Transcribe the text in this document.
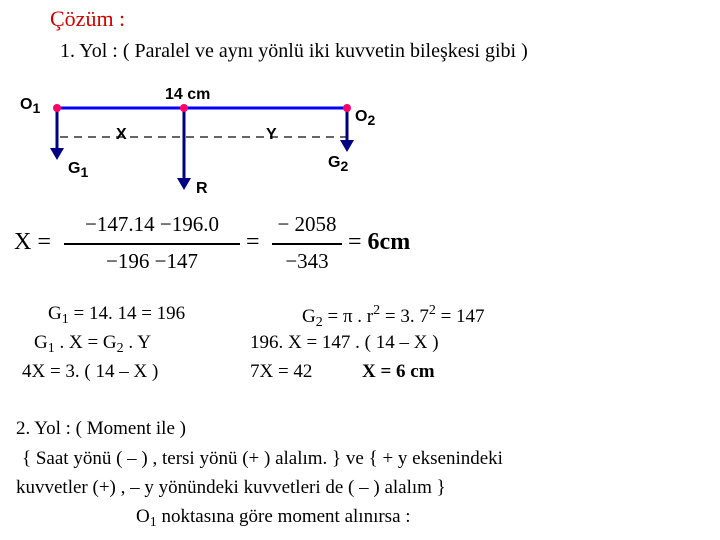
Çözüm :
1. Yol : ( Paralel ve aynı yönlü iki kuvvetin bileşkesi gibi )
14 cm
$O_1$	$O_2$
X	Y
$G_1$
$G_2$
R
X =
−147.14 −196.0
−196 −147
=
− 2058
−343
= 6cm
$G_1 = 14$. 14 = 196	$G_2 = \pi$ . $r^2 = 3$. $7^2 = 147$
$G_1$ . $X = G_2$ . Y	196. X = 147 . ( 14 – X )
4X = 3. ( 14 – X )	7X = 42	X = 6 cm
2. Yol : ( Moment ile )
{ Saat yönü ( – ) , tersi yönü (+ ) alalım. } ve { + y eksenindeki
kuvvetler (+) , – y yönündeki kuvvetleri de ( – ) alalım }
$O_1$ noktasına göre moment alınırsa :
